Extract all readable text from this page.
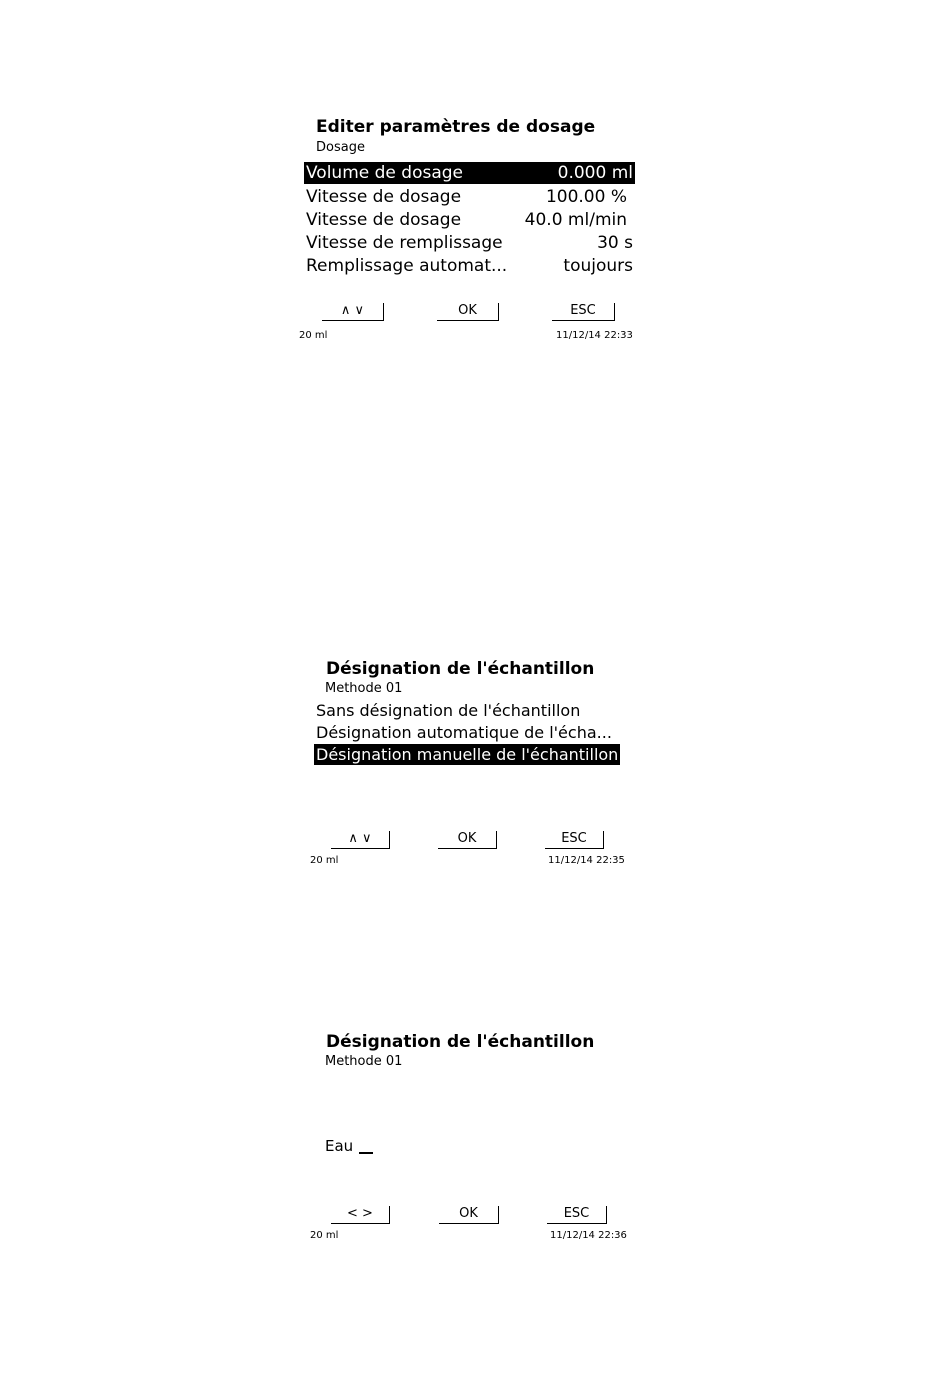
Editer paramètres de dosage
Dosage
Volume de dosage	0.000 ml
Vitesse de dosage	100.00 %
Vitesse de dosage	40.0 ml/min
Vitesse de remplissage	30 s
Remplissage automat...	toujours
∧ ∨	OK	ESC
20 ml	11/12/14 22:33
Désignation de l'échantillon
Methode 01
Sans désignation de l'échantillon
Désignation automatique de l'écha...
Désignation manuelle de l'échantillon
∧ ∨	OK	ESC
20 ml	11/12/14 22:35
Désignation de l'échantillon
Methode 01
Eau
< >	OK	ESC
20 ml	11/12/14 22:36
